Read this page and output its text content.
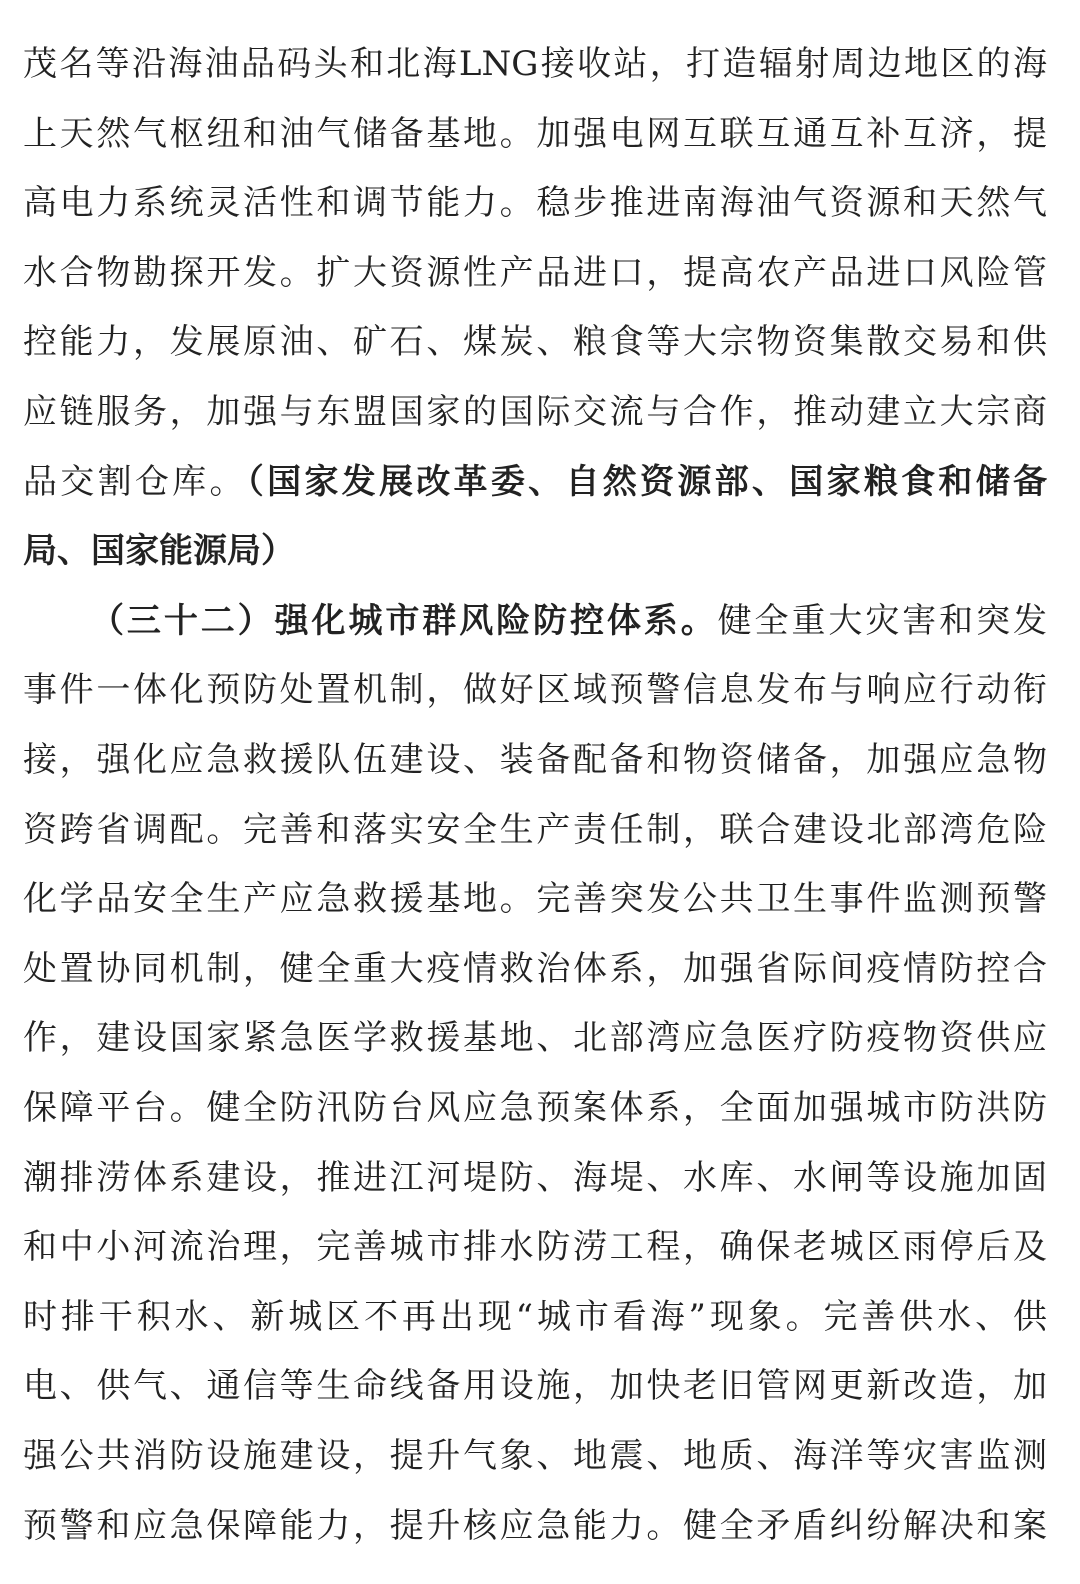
茂名等沿海油品码头和北海LNG接收站，打造辐射周边地区的海
上天然气枢纽和油气储备基地。加强电网互联互通互补互济，提
高电力系统灵活性和调节能力。稳步推进南海油气资源和天然气
水合物勘探开发。扩大资源性产品进口，提高农产品进口风险管
控能力，发展原油、矿石、煤炭、粮食等大宗物资集散交易和供
应链服务，加强与东盟国家的国际交流与合作，推动建立大宗商
品交割仓库。（国家发展改革委、自然资源部、国家粮食和储备
局、国家能源局）
（三十二）强化城市群风险防控体系。健全重大灾害和突发
事件一体化预防处置机制，做好区域预警信息发布与响应行动衔
接，强化应急救援队伍建设、装备配备和物资储备，加强应急物
资跨省调配。完善和落实安全生产责任制，联合建设北部湾危险
化学品安全生产应急救援基地。完善突发公共卫生事件监测预警
处置协同机制，健全重大疫情救治体系，加强省际间疫情防控合
作，建设国家紧急医学救援基地、北部湾应急医疗防疫物资供应
保障平台。健全防汛防台风应急预案体系，全面加强城市防洪防
潮排涝体系建设，推进江河堤防、海堤、水库、水闸等设施加固
和中小河流治理，完善城市排水防涝工程，确保老城区雨停后及
时排干积水、新城区不再出现“城市看海”现象。完善供水、供
电、供气、通信等生命线备用设施，加快老旧管网更新改造，加
强公共消防设施建设，提升气象、地震、地质、海洋等灾害监测
预警和应急保障能力，提升核应急能力。健全矛盾纠纷解决和案
